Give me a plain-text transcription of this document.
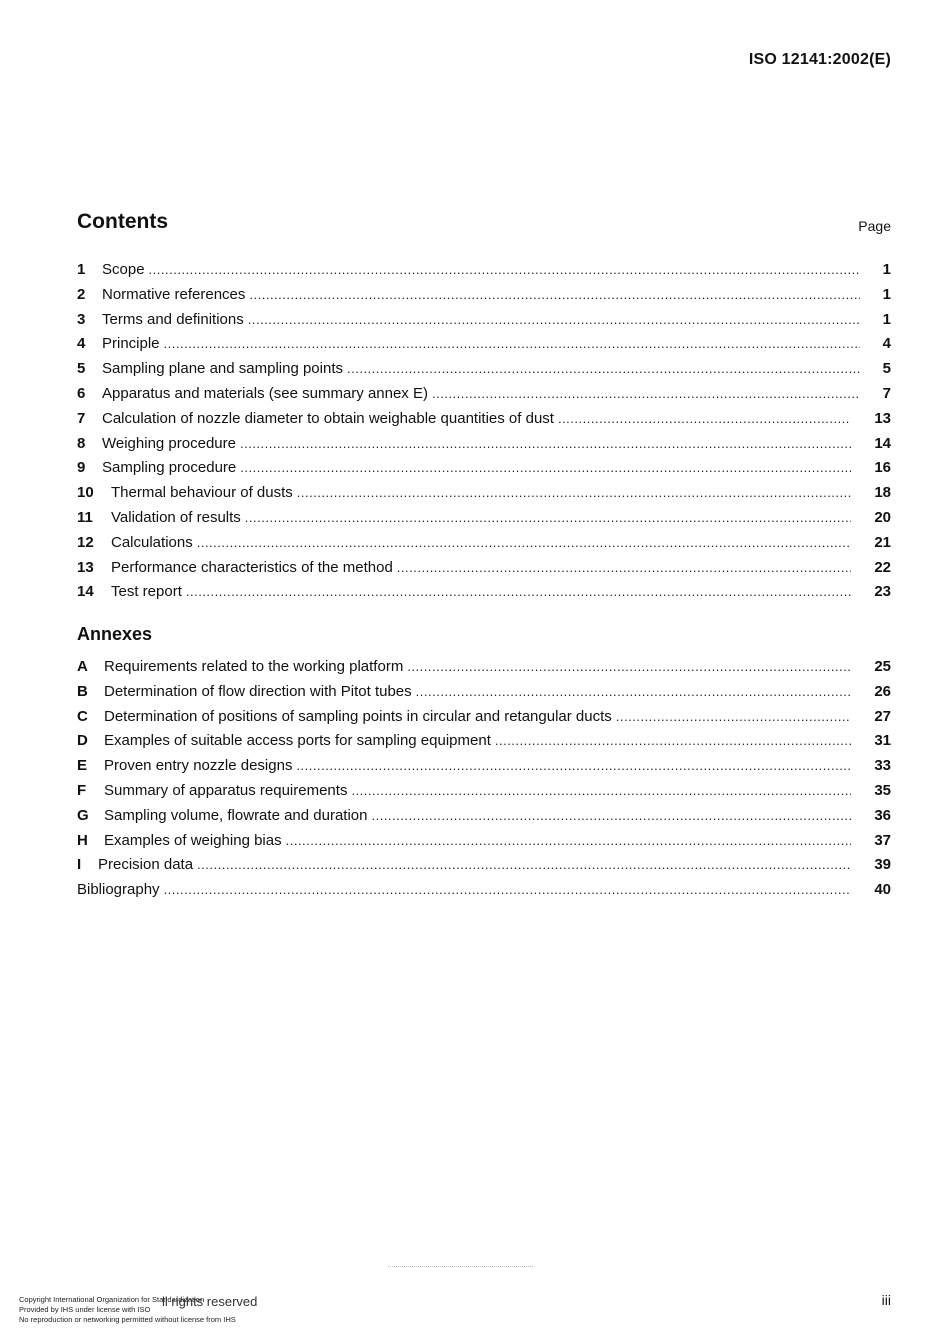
ISO 12141:2002(E)
Contents	Page
1	Scope .....	1
2	Normative references .....	1
3	Terms and definitions .....	1
4	Principle .....	4
5	Sampling plane and sampling points .....	5
6	Apparatus and materials (see summary annex E) .....	7
7	Calculation of nozzle diameter to obtain weighable quantities of dust .....	13
8	Weighing procedure .....	14
9	Sampling procedure .....	16
10	Thermal behaviour of dusts .....	18
11	Validation of results .....	20
12	Calculations .....	21
13	Performance characteristics of the method .....	22
14	Test report .....	23
Annexes
A	Requirements related to the working platform .....	25
B	Determination of flow direction with Pitot tubes .....	26
C	Determination of positions of sampling points in circular and retangular ducts .....	27
D	Examples of suitable access ports for sampling equipment .....	31
E	Proven entry nozzle designs .....	33
F	Summary of apparatus requirements .....	35
G	Sampling volume, flowrate and duration .....	36
H	Examples of weighing bias .....	37
I	Precision data .....	39
Bibliography .....	40
Copyright International Organization for Standardization
Provided by IHS under license with ISO
No reproduction or networking permitted without license from IHS
ll rights reserved	iii
